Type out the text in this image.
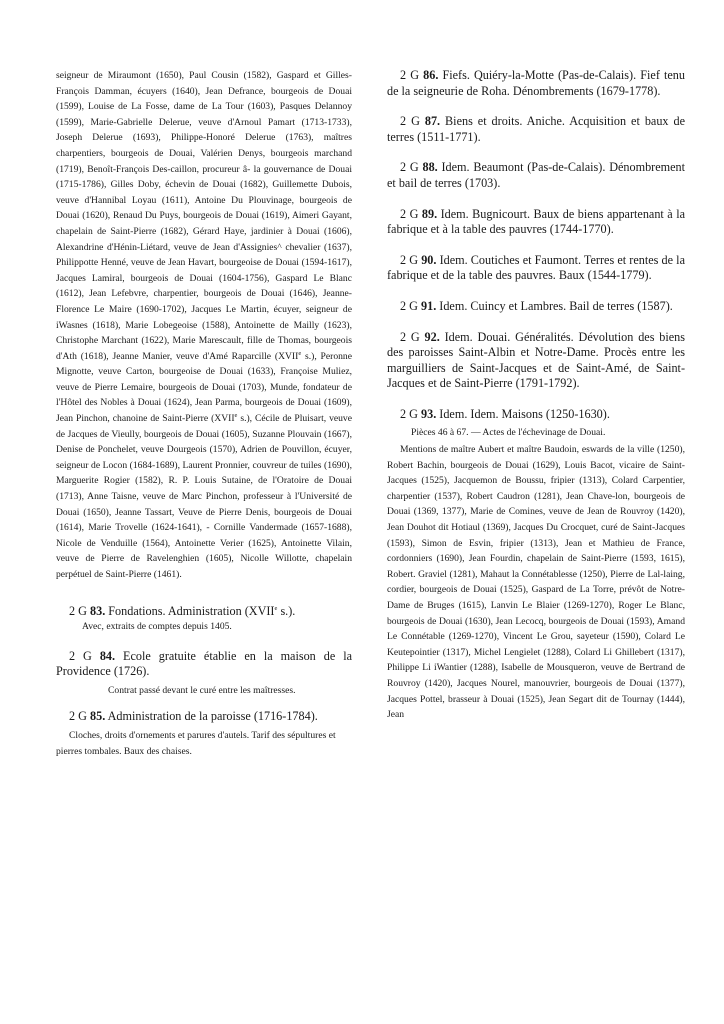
seigneur de Miraumont (1650), Paul Cousin (1582), Gaspard et Gilles-François Damman, écuyers (1640), Jean Defrance, bourgeois de Douai (1599), Louise de La Fosse, dame de La Tour (1603), Pasques Delannoy (1599), Marie-Gabrielle Delerue, veuve d'Arnoul Pamart (1713-1733), Joseph Delerue (1693), Philippe-Honoré Delerue (1763), maîtres charpentiers, bourgeois de Douai, Valérien Denys, bourgeois marchand (1719), Benoît-François Des-caillon, procureur â- la gouvernance de Douai (1715-1786), Gilles Doby, échevin de Douai (1682), Guillemette Dubois, veuve d'Hannibal Loyau (1611), Antoine Du Plouvinage, bourgeois de Douai (1620), Renaud Du Puys, bourgeois de Douai (1619), Aimeri Gayant, chapelain de Saint-Pierre (1682), Gérard Haye, jardinier à Douai (1606), Alexandrine d'Hénin-Liétard, veuve de Jean d'Assignies^ chevalier (1637), Philippotte Henné, veuve de Jean Havart, bourgeoise de Douai (1594-1617), Jacques Lamiral, bourgeois de Douai (1604-1756), Gaspard Le Blanc (1612), Jean Lefebvre, charpentier, bourgeois de Douai (1646), Jeanne-Florence Le Maire (1690-1702), Jacques Le Martin, écuyer, seigneur de iWasnes (1618), Marie Lobegeoise (1588), Antoinette de Mailly (1623), Christophe Marchant (1622), Marie Marescault, fille de Thomas, bourgeois d'Ath (1618), Jeanne Manier, veuve d'Amé Raparcille (XVIIe s.), Peronne Mignotte, veuve Carton, bourgeoise de Douai (1633), Françoise Muliez, veuve de Pierre Lemaire, bourgeois de Douai (1703), Munde, fondateur de l'Hôtel des Nobles à Douai (1624), Jean Parma, bourgeois de Douai (1609), Jean Pinchon, chanoine de Saint-Pierre (XVIIe s.), Cécile de Pluisart, veuve de Jacques de Vieully, bourgeois de Douai (1605), Suzanne Plouvain (1667), Denise de Ponchelet, veuve Dourgeois (1570), Adrien de Pouvillon, écuyer, seigneur de Locon (1684-1689), Laurent Pronnier, couvreur de tuiles (1690), Marguerite Rogier (1582), R. P. Louis Sutaine, de l'Oratoire de Douai (1713), Anne Taisne, veuve de Marc Pinchon, professeur à l'Université de Douai (1650), Jeanne Tassart, Veuve de Pierre Denis, bourgeois de Douai (1614), Marie Trovelle (1624-1641), - Cornille Vandermade (1657-1688), Nicole de Venduille (1564), Antoinette Verier (1625), Antoinette Vilain, veuve de Pierre de Ravelenghien (1605), Nicolle Willotte, chapelain perpétuel de Saint-Pierre (1461).

2 G 83. Fondations. Administration (XVIIe s.).

Avec, extraits de comptes depuis 1405.

2 G 84. Ecole gratuite établie en la maison de la Providence (1726).

Contrat passé devant le curé entre les maîtresses.

2 G 85. Administration de la paroisse (1716-1784).

Cloches, droits d'ornements et parures d'autels. Tarif des sépultures et pierres tombales. Baux des chaises.

2 G 86. Fiefs. Quiéry-la-Motte (Pas-de-Calais). Fief tenu de la seigneurie de Roha. Dénombrements (1679-1778).

2 G 87. Biens et droits. Aniche. Acquisition et baux de terres (1511-1771).

2 G 88. Idem. Beaumont (Pas-de-Calais). Dénombrement et bail de terres (1703).

2 G 89. Idem. Bugnicourt. Baux de biens appartenant à la fabrique et à la table des pauvres (1744-1770).

2 G 90. Idem. Coutiches et Faumont. Terres et rentes de la fabrique et de la table des pauvres. Baux (1544-1779).

2 G 91. Idem. Cuincy et Lambres. Bail de terres (1587).

2 G 92. Idem. Douai. Généralités. Dévolution des biens des paroisses Saint-Albin et Notre-Dame. Procès entre les marguilliers de Saint-Jacques et de Saint-Amé, de Saint-Jacques et de Saint-Pierre (1791-1792).

2 G 93. Idem. Idem. Maisons (1250-1630).

Pièces 46 à 67. — Actes de l'échevinage de Douai.

Mentions de maître Aubert et maître Baudoin, eswards de la ville (1250), Robert Bachin, bourgeois de Douai (1629), Louis Bacot, vicaire de Saint-Jacques (1525), Jacquemon de Boussu, fripier (1313), Colard Carpentier, charpentier (1537), Robert Caudron (1281), Jean Chave-lon, bourgeois de Douai (1369, 1377), Marie de Comines, veuve de Jean de Rouvroy (1420), Jean Douhot dit Hotiaul (1369), Jacques Du Crocquet, curé de Saint-Jacques (1593), Simon de Esvin, fripier (1313), Jean et Mathieu de France, cordonniers (1690), Jean Fourdin, chapelain de Saint-Pierre (1593, 1615), Robert. Graviel (1281), Mahaut la Connétablesse (1250), Pierre de Lal-laing, cordier, bourgeois de Douai (1525), Gaspard de La Torre, prévôt de Notre-Dame de Bruges (1615), Lanvin Le Blaier (1269-1270), Roger Le Blanc, bourgeois de Douai (1630), Jean Lecocq, bourgeois de Douai (1593), Amand Le Connétable (1269-1270), Vincent Le Grou, sayeteur (1590), Colard Le Keutepointier (1317), Michel Lengielet (1288), Colard Li Ghillebert (1317), Philippe Li iWantier (1288), Isabelle de Mousqueron, veuve de Bertrand de Rouvroy (1420), Jacques Nourel, manouvrier, bourgeois de Douai (1377), Jacques Pottel, brasseur à Douai (1525), Jean Segart dit de Tournay (1444), Jean
